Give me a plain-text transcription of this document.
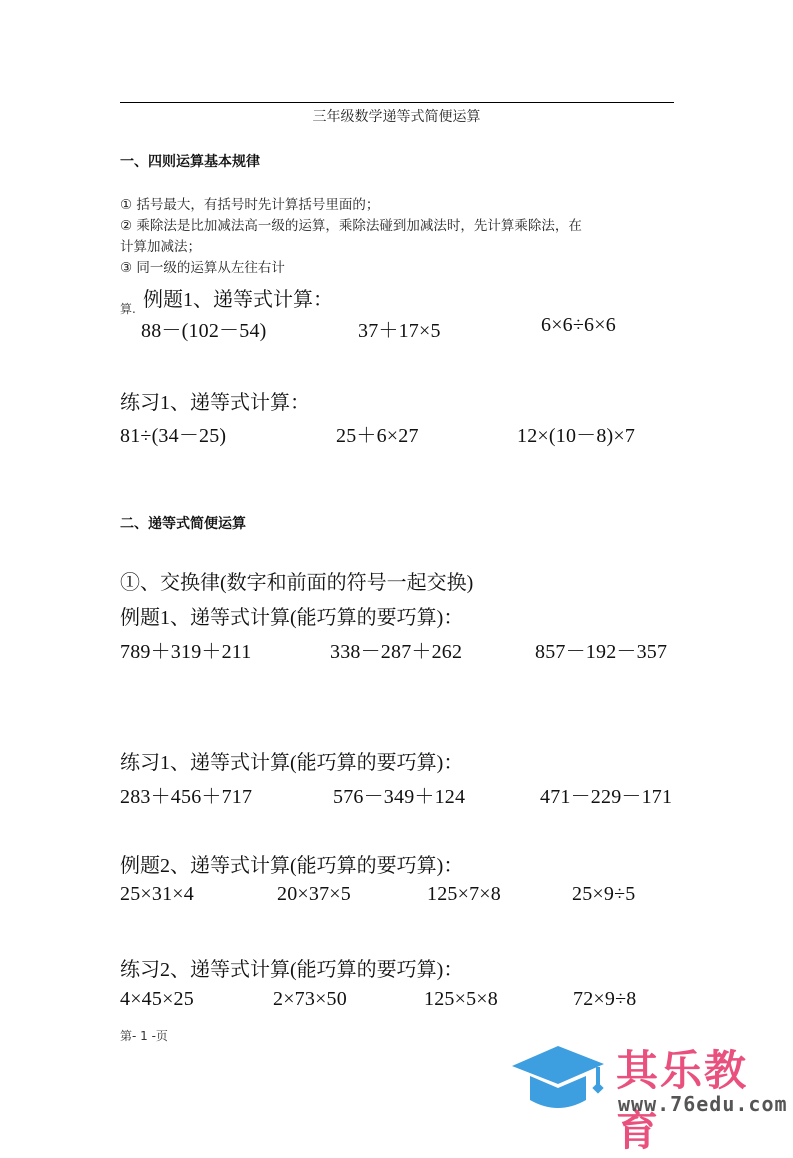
三年级数学递等式简便运算
一、四则运算基本规律
① 括号最大，有括号时先计算括号里面的；
② 乘除法是比加减法高一级的运算，乘除法碰到加减法时，先计算乘除法，在
计算加减法；
③ 同一级的运算从左往右计
例题1、递等式计算：
算.
88－(102－54)	37＋17×5	6×6÷6×6
练习1、递等式计算：
81÷(34－25)	25＋6×27	12×(10－8)×7
二、递等式简便运算
①、交换律(数字和前面的符号一起交换)
例题1、递等式计算(能巧算的要巧算)：
789＋319＋211	338－287＋262	857－192－357
练习1、递等式计算(能巧算的要巧算)：
283＋456＋717	576－349＋124	471－229－171
例题2、递等式计算(能巧算的要巧算)：
25×31×4	20×37×5	125×7×8	25×9÷5
练习2、递等式计算(能巧算的要巧算)：
4×45×25	2×73×50	125×5×8	72×9÷8
第- 1 -页
其乐教育
www.76edu.com
